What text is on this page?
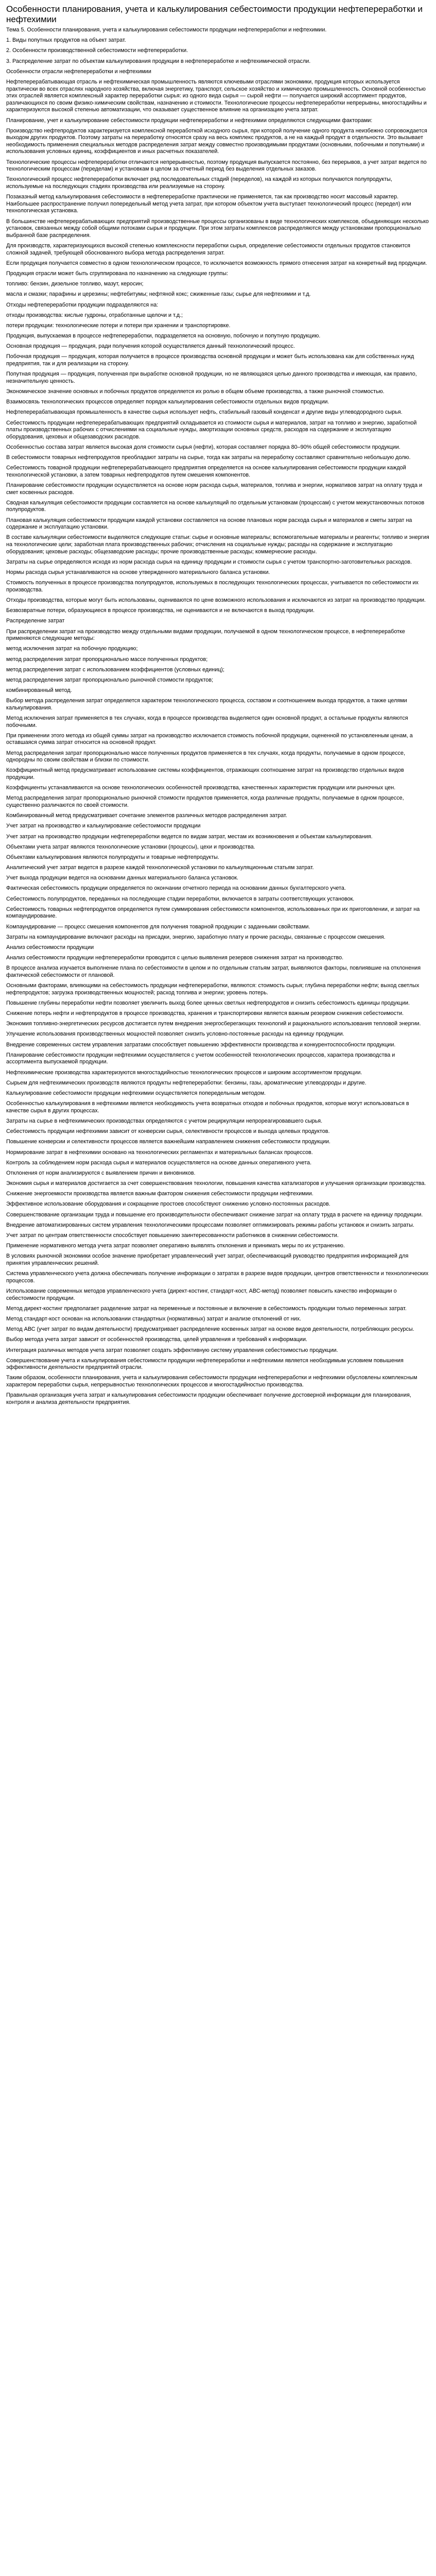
Особенности планирования, учета и калькулирования себестоимости продукции нефтепереработки и нефтехимии
Тема 5. Особенности планирования, учета и калькулирования себестоимости продукции нефтепереработки и нефтехимии.
1. Виды попутных продуктов на объект затрат.
2. Особенности производственной себестоимости нефтепереработки.
3. Распределение затрат по объектам калькулирования продукции в нефтепереработке и нефтехимической отрасли.
Особенности отрасли нефтепереработки и нефтехимии
Нефтеперерабатывающая отрасль и нефтехимическая промышленность являются ключевыми отраслями экономики, продукция которых используется практически во всех отраслях народного хозяйства, включая энергетику, транспорт, сельское хозяйство и химическую промышленность. Основной особенностью этих отраслей является комплексный характер переработки сырья: из одного вида сырья — сырой нефти — получается широкий ассортимент продуктов, различающихся по своим физико-химическим свойствам, назначению и стоимости. Технологические процессы нефтепереработки непрерывны, многостадийны и характеризуются высокой степенью автоматизации, что оказывает существенное влияние на организацию учета затрат.
Планирование, учет и калькулирование себестоимости продукции нефтепереработки и нефтехимии определяются следующими факторами:
Производство нефтепродуктов характеризуется комплексной переработкой исходного сырья, при которой получение одного продукта неизбежно сопровождается выходом других продуктов. Поэтому затраты на переработку относятся сразу на весь комплекс продуктов, а не на каждый продукт в отдельности. Это вызывает необходимость применения специальных методов распределения затрат между совместно производимыми продуктами (основными, побочными и попутными) и использования условных единиц, коэффициентов и иных расчетных показателей.
Технологические процессы нефтепереработки отличаются непрерывностью, поэтому продукция выпускается постоянно, без перерывов, а учет затрат ведется по технологическим процессам (переделам) и установкам в целом за отчетный период без выделения отдельных заказов.
Технологический процесс нефтепереработки включает ряд последовательных стадий (переделов), на каждой из которых получаются полупродукты, используемые на последующих стадиях производства или реализуемые на сторону.
Позаказный метод калькулирования себестоимости в нефтепереработке практически не применяется, так как производство носит массовый характер. Наибольшее распространение получил попередельный метод учета затрат, при котором объектом учета выступает технологический процесс (передел) или технологическая установка.
В большинстве нефтеперерабатывающих предприятий производственные процессы организованы в виде технологических комплексов, объединяющих несколько установок, связанных между собой общими потоками сырья и продукции. При этом затраты комплексов распределяются между установками пропорционально выбранной базе распределения.
Для производств, характеризующихся высокой степенью комплексности переработки сырья, определение себестоимости отдельных продуктов становится сложной задачей, требующей обоснованного выбора метода распределения затрат.
Если продукция получается совместно в одном технологическом процессе, то исключается возможность прямого отнесения затрат на конкретный вид продукции.
Продукция отрасли может быть сгруппирована по назначению на следующие группы:
топливо: бензин, дизельное топливо, мазут, керосин;
масла и смазки; парафины и церезины; нефтебитумы; нефтяной кокс; сжиженные газы; сырье для нефтехимии и т.д.
Отходы нефтепереработки продукции подразделяются на:
отходы производства: кислые гудроны, отработанные щелочи и т.д.;
потери продукции: технологические потери и потери при хранении и транспортировке.
Продукция, выпускаемая в процессе нефтепереработки, подразделяется на основную, побочную и попутную продукцию.
Основная продукция — продукция, ради получения которой осуществляется данный технологический процесс.
Побочная продукция — продукция, которая получается в процессе производства основной продукции и может быть использована как для собственных нужд предприятия, так и для реализации на сторону.
Попутная продукция — продукция, полученная при выработке основной продукции, но не являющаяся целью данного производства и имеющая, как правило, незначительную ценность.
Экономическое значение основных и побочных продуктов определяется их ролью в общем объеме производства, а также рыночной стоимостью.
Взаимосвязь технологических процессов определяет порядок калькулирования себестоимости отдельных видов продукции.
Нефтеперерабатывающая промышленность в качестве сырья использует нефть, стабильный газовый конденсат и другие виды углеводородного сырья.
Себестоимость продукции нефтеперерабатывающих предприятий складывается из стоимости сырья и материалов, затрат на топливо и энергию, заработной платы производственных рабочих с отчислениями на социальные нужды, амортизации основных средств, расходов на содержание и эксплуатацию оборудования, цеховых и общезаводских расходов.
Особенностью состава затрат является высокая доля стоимости сырья (нефти), которая составляет порядка 80–90% общей себестоимости продукции.
В себестоимости товарных нефтепродуктов преобладают затраты на сырье, тогда как затраты на переработку составляют сравнительно небольшую долю.
Себестоимость товарной продукции нефтеперерабатывающего предприятия определяется на основе калькулирования себестоимости продукции каждой технологической установки, а затем товарных нефтепродуктов путем смешения компонентов.
Планирование себестоимости продукции осуществляется на основе норм расхода сырья, материалов, топлива и энергии, нормативов затрат на оплату труда и смет косвенных расходов.
Сводная калькуляция себестоимости продукции составляется на основе калькуляций по отдельным установкам (процессам) с учетом межустановочных потоков полупродуктов.
Плановая калькуляция себестоимости продукции каждой установки составляется на основе плановых норм расхода сырья и материалов и сметы затрат на содержание и эксплуатацию установки.
В составе калькуляции себестоимости выделяются следующие статьи: сырье и основные материалы; вспомогательные материалы и реагенты; топливо и энергия на технологические цели; заработная плата производственных рабочих; отчисления на социальные нужды; расходы на содержание и эксплуатацию оборудования; цеховые расходы; общезаводские расходы; прочие производственные расходы; коммерческие расходы.
Затраты на сырье определяются исходя из норм расхода сырья на единицу продукции и стоимости сырья с учетом транспортно-заготовительных расходов.
Нормы расхода сырья устанавливаются на основе утвержденного материального баланса установки.
Стоимость полученных в процессе производства полупродуктов, используемых в последующих технологических процессах, учитывается по себестоимости их производства.
Отходы производства, которые могут быть использованы, оцениваются по цене возможного использования и исключаются из затрат на производство продукции.
Безвозвратные потери, образующиеся в процессе производства, не оцениваются и не включаются в выход продукции.
Распределение затрат
При распределении затрат на производство между отдельными видами продукции, получаемой в одном технологическом процессе, в нефтепереработке применяются следующие методы:
метод исключения затрат на побочную продукцию;
метод распределения затрат пропорционально массе полученных продуктов;
метод распределения затрат с использованием коэффициентов (условных единиц);
метод распределения затрат пропорционально рыночной стоимости продуктов;
комбинированный метод.
Выбор метода распределения затрат определяется характером технологического процесса, составом и соотношением выхода продуктов, а также целями калькулирования.
Метод исключения затрат применяется в тех случаях, когда в процессе производства выделяется один основной продукт, а остальные продукты являются побочными.
При применении этого метода из общей суммы затрат на производство исключается стоимость побочной продукции, оцененной по установленным ценам, а оставшаяся сумма затрат относится на основной продукт.
Метод распределения затрат пропорционально массе полученных продуктов применяется в тех случаях, когда продукты, получаемые в одном процессе, однородны по своим свойствам и близки по стоимости.
Коэффициентный метод предусматривает использование системы коэффициентов, отражающих соотношение затрат на производство отдельных видов продукции.
Коэффициенты устанавливаются на основе технологических особенностей производства, качественных характеристик продукции или рыночных цен.
Метод распределения затрат пропорционально рыночной стоимости продуктов применяется, когда различные продукты, получаемые в одном процессе, существенно различаются по своей стоимости.
Комбинированный метод предусматривает сочетание элементов различных методов распределения затрат.
Учет затрат на производство и калькулирование себестоимости продукции
Учет затрат на производство продукции нефтепереработки ведется по видам затрат, местам их возникновения и объектам калькулирования.
Объектами учета затрат являются технологические установки (процессы), цехи и производства.
Объектами калькулирования являются полупродукты и товарные нефтепродукты.
Аналитический учет затрат ведется в разрезе каждой технологической установки по калькуляционным статьям затрат.
Учет выхода продукции ведется на основании данных материального баланса установок.
Фактическая себестоимость продукции определяется по окончании отчетного периода на основании данных бухгалтерского учета.
Себестоимость полупродуктов, переданных на последующие стадии переработки, включается в затраты соответствующих установок.
Себестоимость товарных нефтепродуктов определяется путем суммирования себестоимости компонентов, использованных при их приготовлении, и затрат на компаундирование.
Компаундирование — процесс смешения компонентов для получения товарной продукции с заданными свойствами.
Затраты на компаундирование включают расходы на присадки, энергию, заработную плату и прочие расходы, связанные с процессом смешения.
Анализ себестоимости продукции
Анализ себестоимости продукции нефтепереработки проводится с целью выявления резервов снижения затрат на производство.
В процессе анализа изучается выполнение плана по себестоимости в целом и по отдельным статьям затрат, выявляются факторы, повлиявшие на отклонения фактической себестоимости от плановой.
Основными факторами, влияющими на себестоимость продукции нефтепереработки, являются: стоимость сырья; глубина переработки нефти; выход светлых нефтепродуктов; загрузка производственных мощностей; расход топлива и энергии; уровень потерь.
Повышение глубины переработки нефти позволяет увеличить выход более ценных светлых нефтепродуктов и снизить себестоимость единицы продукции.
Снижение потерь нефти и нефтепродуктов в процессе производства, хранения и транспортировки является важным резервом снижения себестоимости.
Экономия топливно-энергетических ресурсов достигается путем внедрения энергосберегающих технологий и рационального использования тепловой энергии.
Улучшение использования производственных мощностей позволяет снизить условно-постоянные расходы на единицу продукции.
Внедрение современных систем управления затратами способствует повышению эффективности производства и конкурентоспособности продукции.
Планирование себестоимости продукции нефтехимии осуществляется с учетом особенностей технологических процессов, характера производства и ассортимента выпускаемой продукции.
Нефтехимические производства характеризуются многостадийностью технологических процессов и широким ассортиментом продукции.
Сырьем для нефтехимических производств являются продукты нефтепереработки: бензины, газы, ароматические углеводороды и другие.
Калькулирование себестоимости продукции нефтехимии осуществляется попередельным методом.
Особенностью калькулирования в нефтехимии является необходимость учета возвратных отходов и побочных продуктов, которые могут использоваться в качестве сырья в других процессах.
Затраты на сырье в нефтехимических производствах определяются с учетом рециркуляции непрореагировавшего сырья.
Себестоимость продукции нефтехимии зависит от конверсии сырья, селективности процессов и выхода целевых продуктов.
Повышение конверсии и селективности процессов является важнейшим направлением снижения себестоимости продукции.
Нормирование затрат в нефтехимии основано на технологических регламентах и материальных балансах процессов.
Контроль за соблюдением норм расхода сырья и материалов осуществляется на основе данных оперативного учета.
Отклонения от норм анализируются с выявлением причин и виновников.
Экономия сырья и материалов достигается за счет совершенствования технологии, повышения качества катализаторов и улучшения организации производства.
Снижение энергоемкости производства является важным фактором снижения себестоимости продукции нефтехимии.
Эффективное использование оборудования и сокращение простоев способствуют снижению условно-постоянных расходов.
Совершенствование организации труда и повышение его производительности обеспечивают снижение затрат на оплату труда в расчете на единицу продукции.
Внедрение автоматизированных систем управления технологическими процессами позволяет оптимизировать режимы работы установок и снизить затраты.
Учет затрат по центрам ответственности способствует повышению заинтересованности работников в снижении себестоимости.
Применение нормативного метода учета затрат позволяет оперативно выявлять отклонения и принимать меры по их устранению.
В условиях рыночной экономики особое значение приобретает управленческий учет затрат, обеспечивающий руководство предприятия информацией для принятия управленческих решений.
Система управленческого учета должна обеспечивать получение информации о затратах в разрезе видов продукции, центров ответственности и технологических процессов.
Использование современных методов управленческого учета (директ-костинг, стандарт-кост, АВС-метод) позволяет повысить качество информации о себестоимости продукции.
Метод директ-костинг предполагает разделение затрат на переменные и постоянные и включение в себестоимость продукции только переменных затрат.
Метод стандарт-кост основан на использовании стандартных (нормативных) затрат и анализе отклонений от них.
Метод АВС (учет затрат по видам деятельности) предусматривает распределение косвенных затрат на основе видов деятельности, потребляющих ресурсы.
Выбор метода учета затрат зависит от особенностей производства, целей управления и требований к информации.
Интеграция различных методов учета затрат позволяет создать эффективную систему управления себестоимостью продукции.
Совершенствование учета и калькулирования себестоимости продукции нефтепереработки и нефтехимии является необходимым условием повышения эффективности деятельности предприятий отрасли.
Таким образом, особенности планирования, учета и калькулирования себестоимости продукции нефтепереработки и нефтехимии обусловлены комплексным характером переработки сырья, непрерывностью технологических процессов и многостадийностью производства.
Правильная организация учета затрат и калькулирования себестоимости продукции обеспечивает получение достоверной информации для планирования, контроля и анализа деятельности предприятия.
